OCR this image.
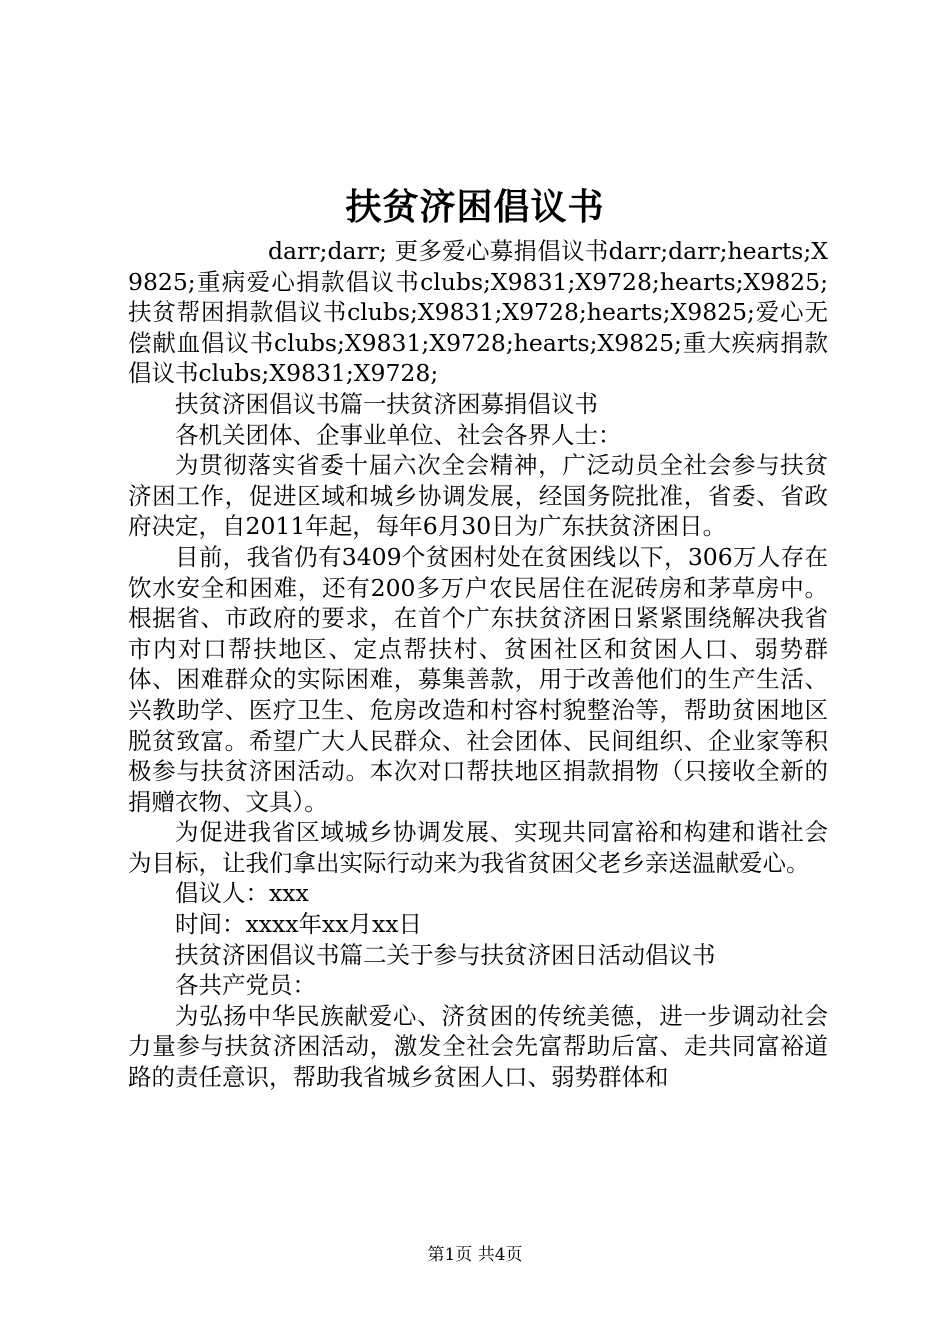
扶贫济困倡议书
darr;darr; 更多爱心募捐倡议书darr;darr;hearts;X9825;重病爱心捐款倡议书clubs;X9831;X9728;hearts;X9825;扶贫帮困捐款倡议书clubs;X9831;X9728;hearts;X9825;爱心无偿献血倡议书clubs;X9831;X9728;hearts;X9825;重大疾病捐款倡议书clubs;X9831;X9728;

扶贫济困倡议书篇一扶贫济困募捐倡议书

各机关团体、企事业单位、社会各界人士：

为贯彻落实省委十届六次全会精神，广泛动员全社会参与扶贫济困工作，促进区域和城乡协调发展，经国务院批准，省委、省政府决定，自2011年起，每年6月30日为广东扶贫济困日。

目前，我省仍有3409个贫困村处在贫困线以下，306万人存在饮水安全和困难，还有200多万户农民居住在泥砖房和茅草房中。根据省、市政府的要求，在首个广东扶贫济困日紧紧围绕解决我省市内对口帮扶地区、定点帮扶村、贫困社区和贫困人口、弱势群体、困难群众的实际困难，募集善款，用于改善他们的生产生活、兴教助学、医疗卫生、危房改造和村容村貌整治等，帮助贫困地区脱贫致富。希望广大人民群众、社会团体、民间组织、企业家等积极参与扶贫济困活动。本次对口帮扶地区捐款捐物（只接收全新的捐赠衣物、文具）。

为促进我省区域城乡协调发展、实现共同富裕和构建和谐社会为目标，让我们拿出实际行动来为我省贫困父老乡亲送温献爱心。

倡议人：xxx

时间：xxxx年xx月xx日

扶贫济困倡议书篇二关于参与扶贫济困日活动倡议书

各共产党员：

为弘扬中华民族献爱心、济贫困的传统美德，进一步调动社会力量参与扶贫济困活动，激发全社会先富帮助后富、走共同富裕道路的责任意识，帮助我省城乡贫困人口、弱势群体和

第1页 共4页
